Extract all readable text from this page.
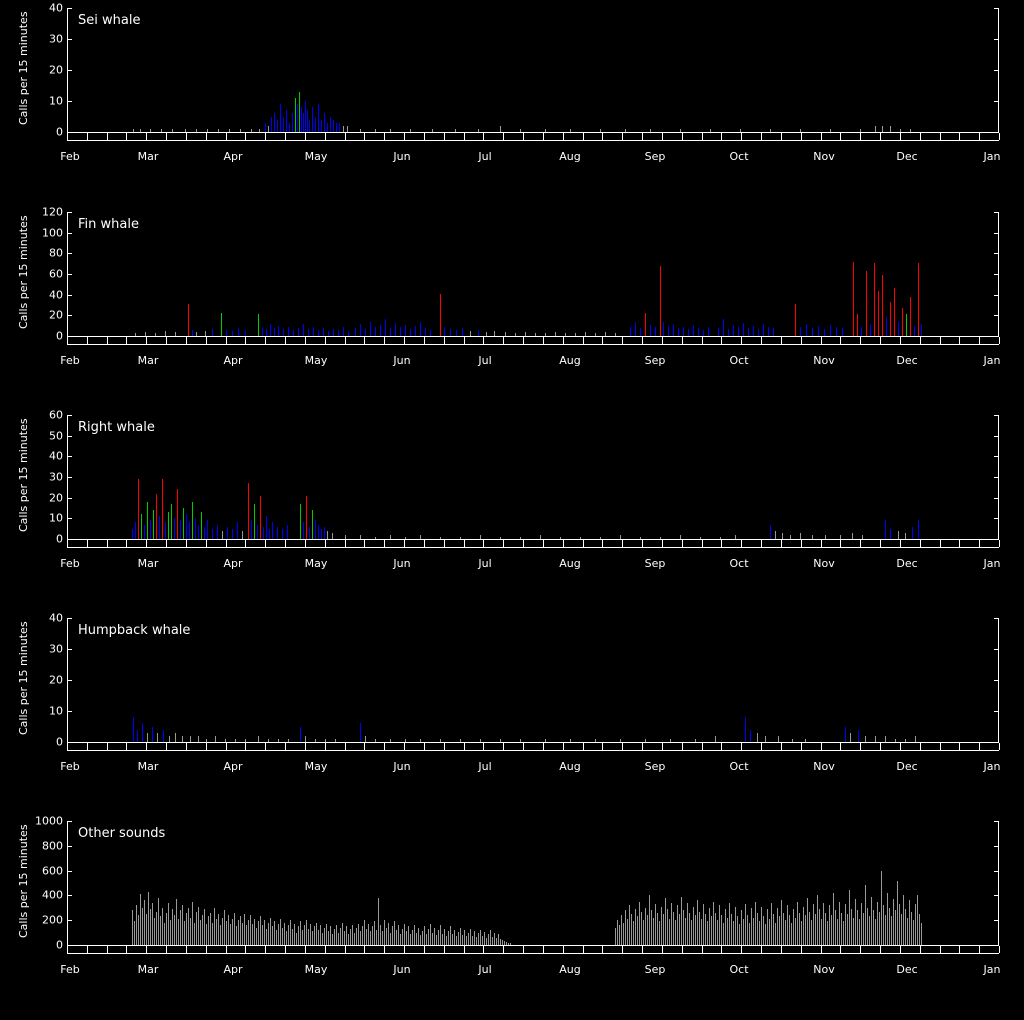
0
10
20
30
40
Calls per 15 minutes	Sei whale
Feb	Mar	Apr	May	Jun	Jul	Aug	Sep	Oct	Nov	Dec	Jan
0
20
40
60
80
100
120
Calls per 15 minutes	Fin whale
Feb	Mar	Apr	May	Jun	Jul	Aug	Sep	Oct	Nov	Dec	Jan
0
10
20
30
40
50
60
Calls per 15 minutes	Right whale
Feb	Mar	Apr	May	Jun	Jul	Aug	Sep	Oct	Nov	Dec	Jan
0
10
20
30
40
Calls per 15 minutes	Humpback whale
Feb	Mar	Apr	May	Jun	Jul	Aug	Sep	Oct	Nov	Dec	Jan
0
200
400
600
800
1000
Calls per 15 minutes	Other sounds
Feb	Mar	Apr	May	Jun	Jul	Aug	Sep	Oct	Nov	Dec	Jan
